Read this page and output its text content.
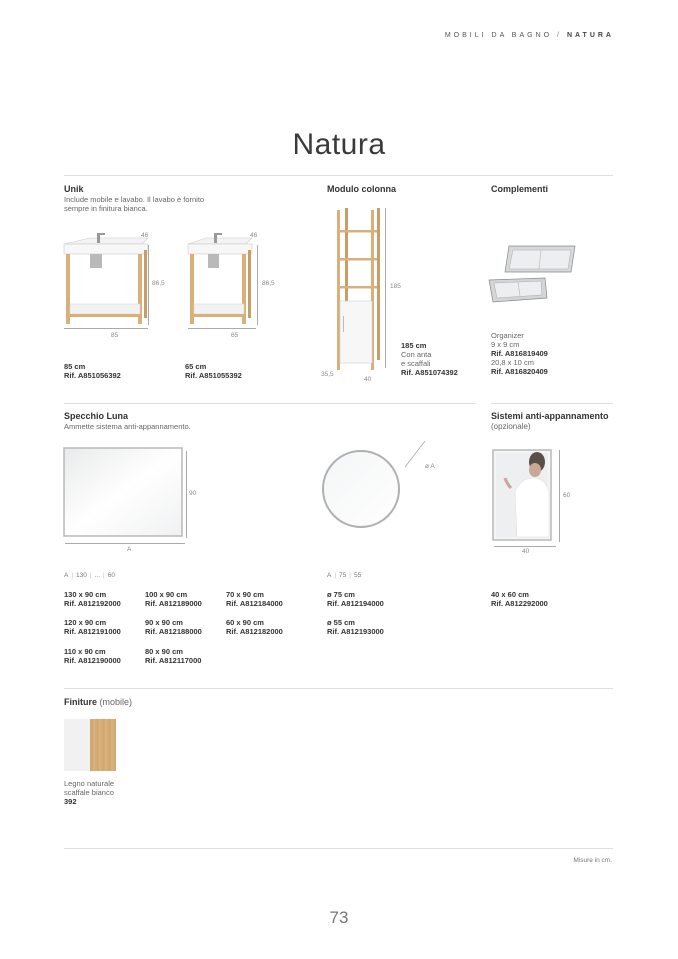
MOBILI DA BAGNO / NATURA
Natura
Unik
Include mobile e lavabo. Il lavabo è fornito
sempre in finitura bianca.
46
86,5
85
85 cm
Rif. A851056392
46
86,5
65
65 cm
Rif. A851055392
Modulo colonna
185
35,5
40
185 cm
Con anta
e scaffali
Rif. A851074392
Complementi
Organizer
9 x 9 cm
Rif. A816819409
20,8 x 10 cm
Rif. A816820409
Specchio Luna
Ammette sistema anti-appannamento.
90
A
ø A
A | 130 | ... | 60	A | 75 | 55
130 x 90 cm
Rif. A812192000
100 x 90 cm
Rif. A812189000
70 x 90 cm
Rif. A812184000
120 x 90 cm
Rif. A812191000
90 x 90 cm
Rif. A812188000
60 x 90 cm
Rif. A812182000
110 x 90 cm
Rif. A812190000
80 x 90 cm
Rif. A812117000
ø 75 cm
Rif. A812194000
ø 55 cm
Rif. A812193000
Sistemi anti-appannamento
(opzionale)
60
40
40 x 60 cm
Rif. A812292000
Finiture (mobile)
Legno naturale
scaffale bianco
392
Misure in cm.
73
